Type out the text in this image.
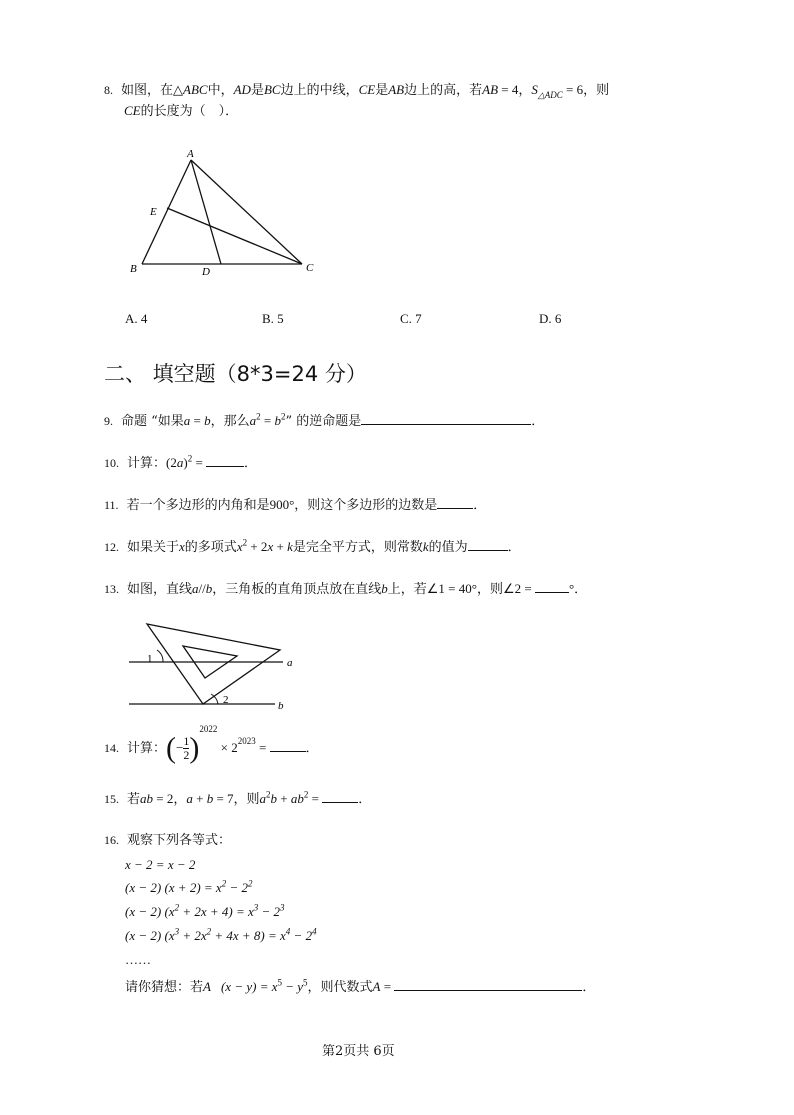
8. 如图，在△ABC中，AD是BC边上的中线，CE是AB边上的高，若AB = 4，$S_{\triangle ADC} = 6$，则
CE的长度为（　）．
A
B	C
D
E
A. 4	B. 5	C. 7	D. 6
二、 填空题（8*3=24 分）
9. 命题 “如果a = b，那么$a^2 = b^2$” 的逆命题是	．
10. 计算：$(2a)^2$ =	．
11. 若一个多边形的内角和是900°，则这个多边形的边数是	．
12. 如果关于x的多项式$x^2 + 2x + k$是完全平方式，则常数k的值为	．
13. 如图，直线a//b，三角板的直角顶点放在直线b上，若∠1 = 40°，则∠2 =	°．
1
2
a
b
14. 计算：(− $\frac{1}{2} )^{2022} \times 2^{2023}$ =	．
15. 若ab = 2，a + b = 7，则$a^2b + ab^2$ =	．
16. 观察下列各等式：
x − 2 = x − 2
(x − 2) $(x + 2) = x^2 - 2^2$
(x − 2) $(x^2 + 2x + 4) = x^3 - 2^3$
(x − 2) $(x^3 + 2x^2 + 4x + 8) = x^4 - 2^4$
……
请你猜想：若A $(x - y) = x^5 - y^5$，则代数式A =	．
第2页共 6页
